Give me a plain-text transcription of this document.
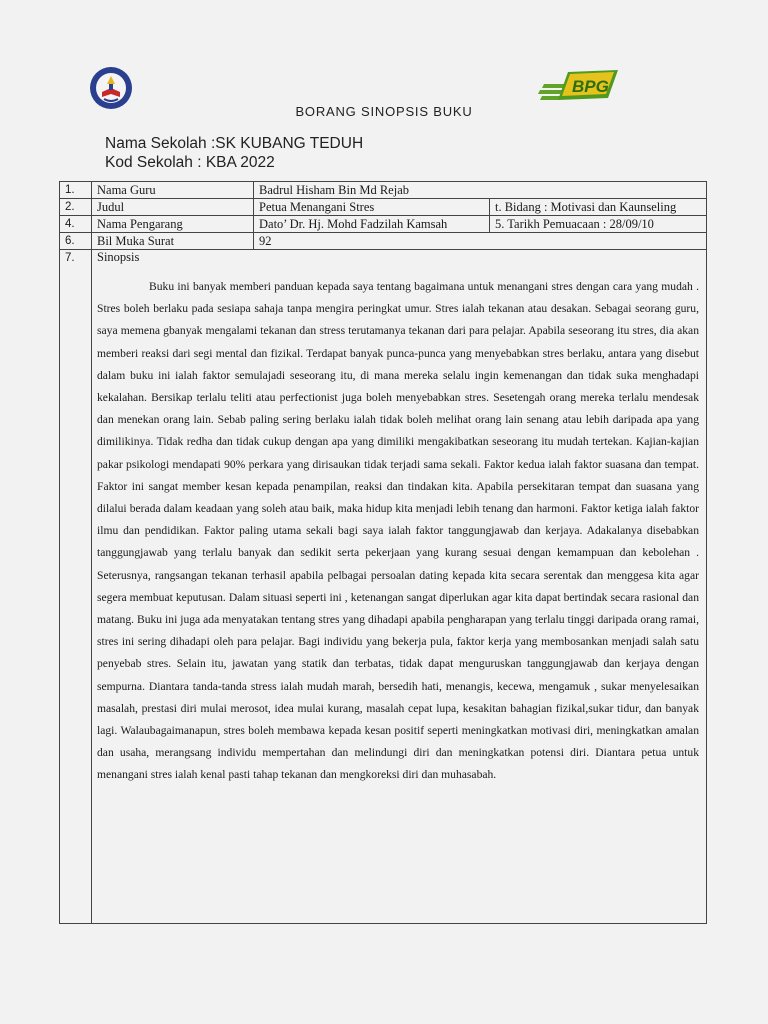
BPG
BORANG SINOPSIS BUKU
Nama Sekolah :SK KUBANG TEDUH
Kod Sekolah : KBA 2022
1.	Nama Guru	Badrul Hisham Bin Md Rejab	
2.	Judul	Petua Menangani Stres	t. Bidang : Motivasi dan Kaunseling
4.	Nama Pengarang	Dato’ Dr. Hj. Mohd Fadzilah Kamsah	5. Tarikh Pemuacaan : 28/09/10
6.	Bil Muka Surat	92	
7.	Sinopsis

Buku ini banyak memberi panduan kepada saya tentang bagaimana untuk menangani stres dengan cara yang mudah . Stres boleh berlaku pada sesiapa sahaja tanpa mengira peringkat umur. Stres ialah tekanan atau desakan. Sebagai seorang guru, saya memena gbanyak mengalami tekanan dan stress terutamanya tekanan dari para pelajar. Apabila seseorang itu stres, dia akan memberi reaksi dari segi mental dan fizikal. Terdapat banyak punca-punca yang menyebabkan stres berlaku, antara yang disebut dalam buku ini ialah faktor semulajadi seseorang itu, di mana mereka selalu ingin kemenangan dan tidak suka menghadapi kekalahan. Bersikap terlalu teliti atau perfectionist juga boleh menyebabkan stres. Sesetengah orang mereka terlalu mendesak dan menekan orang lain. Sebab paling sering berlaku ialah tidak boleh melihat orang lain senang atau lebih daripada apa yang dimilikinya. Tidak redha dan tidak cukup dengan apa yang dimiliki mengakibatkan seseorang itu mudah tertekan. Kajian-kajian pakar psikologi mendapati 90% perkara yang dirisaukan tidak terjadi sama sekali. Faktor kedua ialah faktor suasana dan tempat. Faktor ini sangat member kesan kepada penampilan, reaksi dan tindakan kita. Apabila persekitaran tempat dan suasana yang dilalui berada dalam keadaan yang soleh atau baik, maka hidup kita menjadi lebih tenang dan harmoni. Faktor ketiga ialah faktor ilmu dan pendidikan. Faktor paling utama sekali bagi saya ialah faktor tanggungjawab dan kerjaya. Adakalanya disebabkan tanggungjawab yang terlalu banyak dan sedikit serta pekerjaan yang kurang sesuai dengan kemampuan dan kebolehan . Seterusnya, rangsangan tekanan terhasil apabila pelbagai persoalan dating kepada kita secara serentak dan menggesa kita agar segera membuat keputusan. Dalam situasi seperti ini , ketenangan sangat diperlukan agar kita dapat bertindak secara rasional dan matang. Buku ini juga ada menyatakan tentang stres yang dihadapi apabila pengharapan yang terlalu tinggi daripada orang ramai, stres ini sering dihadapi oleh para pelajar. Bagi individu yang bekerja pula, faktor kerja yang membosankan menjadi salah satu penyebab stres. Selain itu, jawatan yang statik dan terbatas, tidak dapat menguruskan tanggungjawab dan kerjaya dengan sempurna. Diantara tanda-tanda stress ialah mudah marah, bersedih hati, menangis, kecewa, mengamuk , sukar menyelesaikan masalah, prestasi diri mulai merosot, idea mulai kurang, masalah cepat lupa, kesakitan bahagian fizikal,sukar tidur, dan banyak lagi. Walaubagaimanapun, stres boleh membawa kepada kesan positif seperti meningkatkan motivasi diri, meningkatkan amalan dan usaha, merangsang individu mempertahan dan melindungi diri dan meningkatkan potensi diri. Diantara petua untuk menangani stres ialah kenal pasti tahap tekanan dan mengkoreksi diri dan muhasabah.		
